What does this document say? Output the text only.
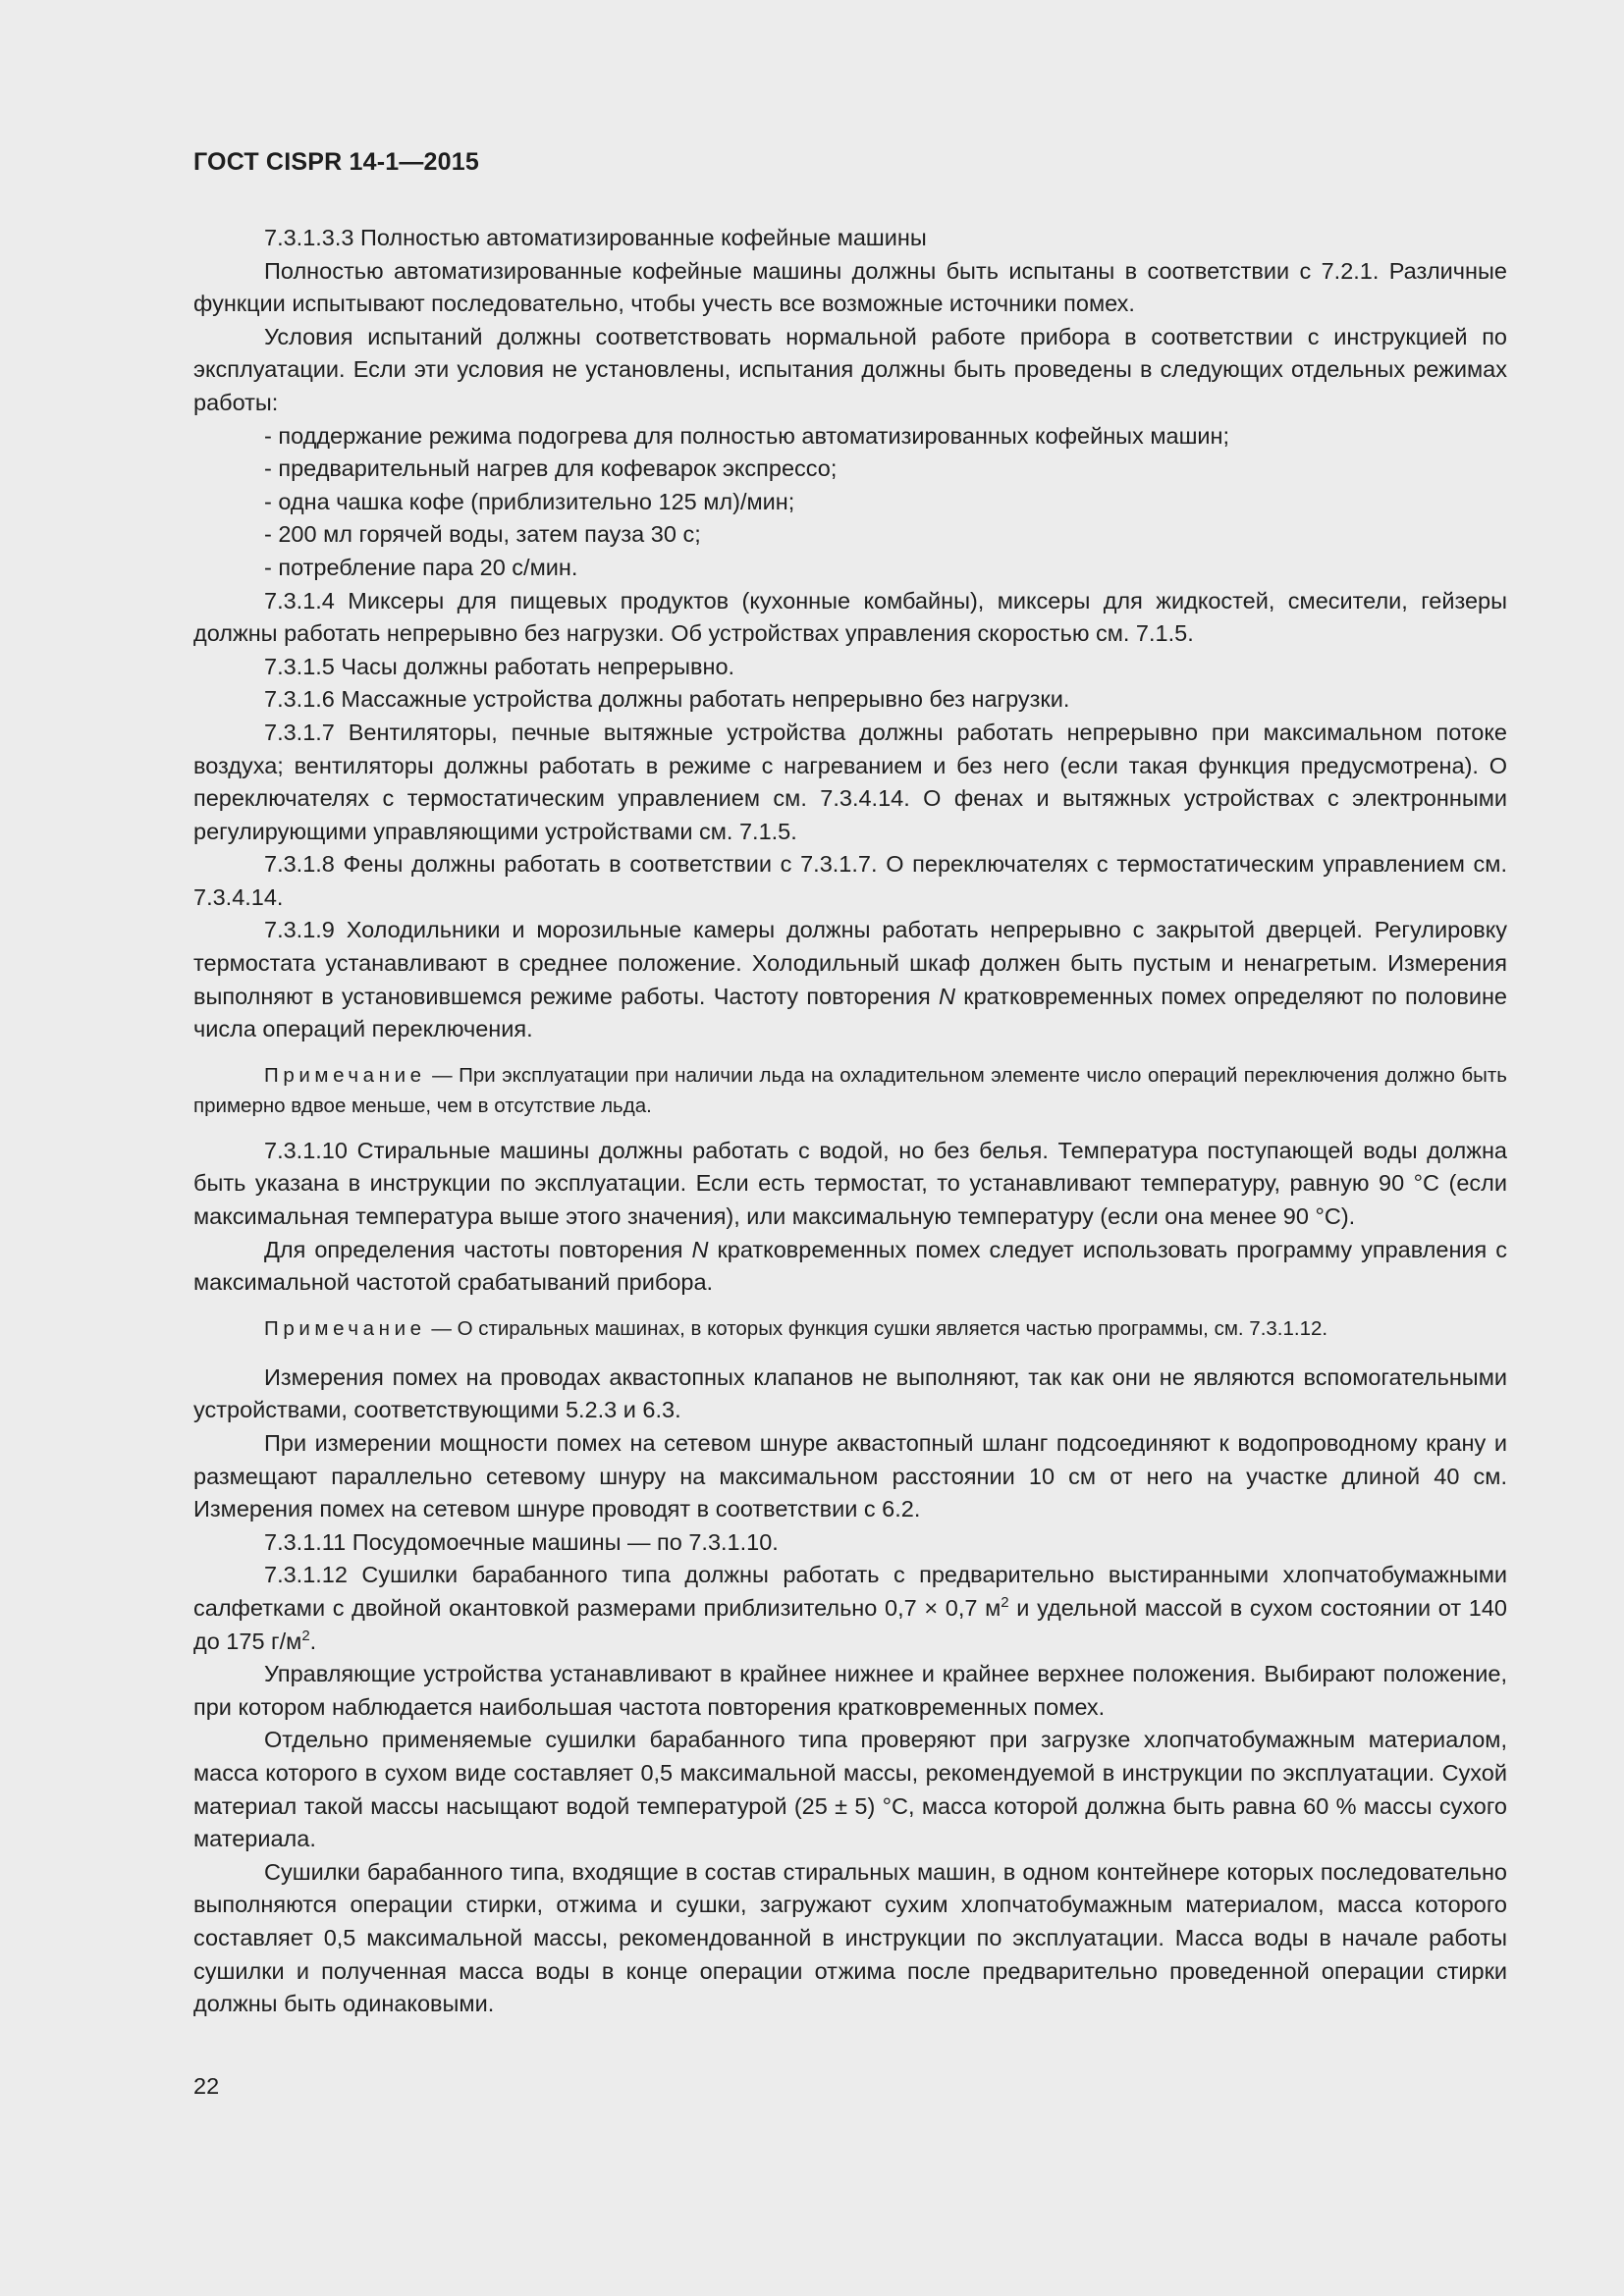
ГОСТ CISPR 14-1—2015

7.3.1.3.3 Полностью автоматизированные кофейные машины

Полностью автоматизированные кофейные машины должны быть испытаны в соответствии с 7.2.1. Различные функции испытывают последовательно, чтобы учесть все возможные источники помех.

Условия испытаний должны соответствовать нормальной работе прибора в соответствии с инструкцией по эксплуатации. Если эти условия не установлены, испытания должны быть проведены в следующих отдельных режимах работы:

- поддержание режима подогрева для полностью автоматизированных кофейных машин;

- предварительный нагрев для кофеварок экспрессо;

- одна чашка кофе (приблизительно 125 мл)/мин;

- 200 мл горячей воды, затем пауза 30 с;

- потребление пара 20 с/мин.

7.3.1.4 Миксеры для пищевых продуктов (кухонные комбайны), миксеры для жидкостей, смесители, гейзеры должны работать непрерывно без нагрузки. Об устройствах управления скоростью см. 7.1.5.

7.3.1.5 Часы должны работать непрерывно.

7.3.1.6 Массажные устройства должны работать непрерывно без нагрузки.

7.3.1.7 Вентиляторы, печные вытяжные устройства должны работать непрерывно при максимальном потоке воздуха; вентиляторы должны работать в режиме с нагреванием и без него (если такая функция предусмотрена). О переключателях с термостатическим управлением см. 7.3.4.14. О фенах и вытяжных устройствах с электронными регулирующими управляющими устройствами см. 7.1.5.

7.3.1.8 Фены должны работать в соответствии с 7.3.1.7. О переключателях с термостатическим управлением см. 7.3.4.14.

7.3.1.9 Холодильники и морозильные камеры должны работать непрерывно с закрытой дверцей. Регулировку термостата устанавливают в среднее положение. Холодильный шкаф должен быть пустым и ненагретым. Измерения выполняют в установившемся режиме работы. Частоту повторения N кратковременных помех определяют по половине числа операций переключения.

Примечание — При эксплуатации при наличии льда на охладительном элементе число операций переключения должно быть примерно вдвое меньше, чем в отсутствие льда.

7.3.1.10 Стиральные машины должны работать с водой, но без белья. Температура поступающей воды должна быть указана в инструкции по эксплуатации. Если есть термостат, то устанавливают температуру, равную 90 °С (если максимальная температура выше этого значения), или максимальную температуру (если она менее 90 °С).

Для определения частоты повторения N кратковременных помех следует использовать программу управления с максимальной частотой срабатываний прибора.

Примечание — О стиральных машинах, в которых функция сушки является частью программы, см. 7.3.1.12.

Измерения помех на проводах аквастопных клапанов не выполняют, так как они не являются вспомогательными устройствами, соответствующими 5.2.3 и 6.3.

При измерении мощности помех на сетевом шнуре аквастопный шланг подсоединяют к водопроводному крану и размещают параллельно сетевому шнуру на максимальном расстоянии 10 см от него на участке длиной 40 см. Измерения помех на сетевом шнуре проводят в соответствии с 6.2.

7.3.1.11 Посудомоечные машины — по 7.3.1.10.

7.3.1.12 Сушилки барабанного типа должны работать с предварительно выстиранными хлопчатобумажными салфетками с двойной окантовкой размерами приблизительно 0,7 × 0,7 $м^2$ и удельной массой в сухом состоянии от 140 до 175 $г/м^2$.

Управляющие устройства устанавливают в крайнее нижнее и крайнее верхнее положения. Выбирают положение, при котором наблюдается наибольшая частота повторения кратковременных помех.

Отдельно применяемые сушилки барабанного типа проверяют при загрузке хлопчатобумажным материалом, масса которого в сухом виде составляет 0,5 максимальной массы, рекомендуемой в инструкции по эксплуатации. Сухой материал такой массы насыщают водой температурой (25 ± 5) °С, масса которой должна быть равна 60 % массы сухого материала.

Сушилки барабанного типа, входящие в состав стиральных машин, в одном контейнере которых последовательно выполняются операции стирки, отжима и сушки, загружают сухим хлопчатобумажным материалом, масса которого составляет 0,5 максимальной массы, рекомендованной в инструкции по эксплуатации. Масса воды в начале работы сушилки и полученная масса воды в конце операции отжима после предварительно проведенной операции стирки должны быть одинаковыми.

22
